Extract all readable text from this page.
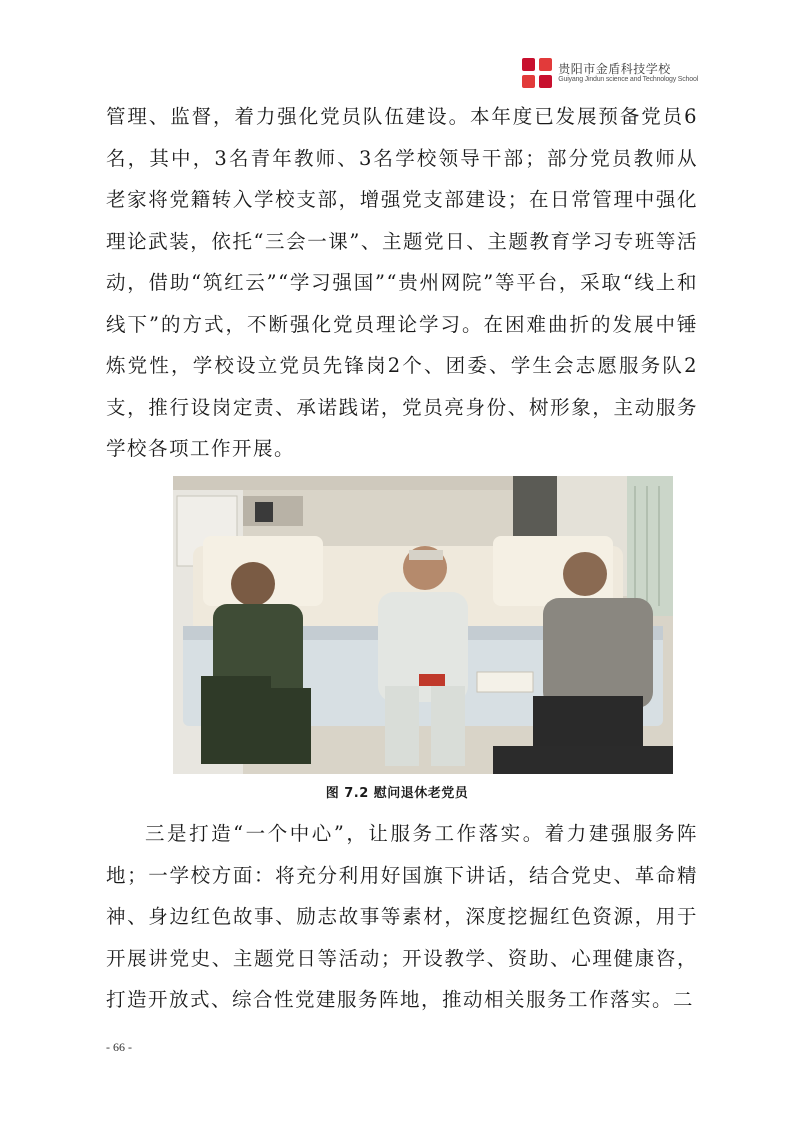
贵阳市金盾科技学校
Guiyang Jindun science and Technology School

管理、监督，着力强化党员队伍建设。本年度已发展预备党员6名，其中，3名青年教师、3名学校领导干部；部分党员教师从老家将党籍转入学校支部，增强党支部建设；在日常管理中强化理论武装，依托“三会一课”、主题党日、主题教育学习专班等活动，借助“筑红云”“学习强国”“贵州网院”等平台，采取“线上和线下”的方式，不断强化党员理论学习。在困难曲折的发展中锤炼党性，学校设立党员先锋岗2个、团委、学生会志愿服务队2支，推行设岗定责、承诺践诺，党员亮身份、树形象，主动服务学校各项工作开展。

图 7.2 慰问退休老党员

三是打造“一个中心”，让服务工作落实。着力建强服务阵地；一学校方面：将充分利用好国旗下讲话，结合党史、革命精神、身边红色故事、励志故事等素材，深度挖掘红色资源，用于开展讲党史、主题党日等活动；开设教学、资助、心理健康咨，打造开放式、综合性党建服务阵地，推动相关服务工作落实。二

- 66 -
